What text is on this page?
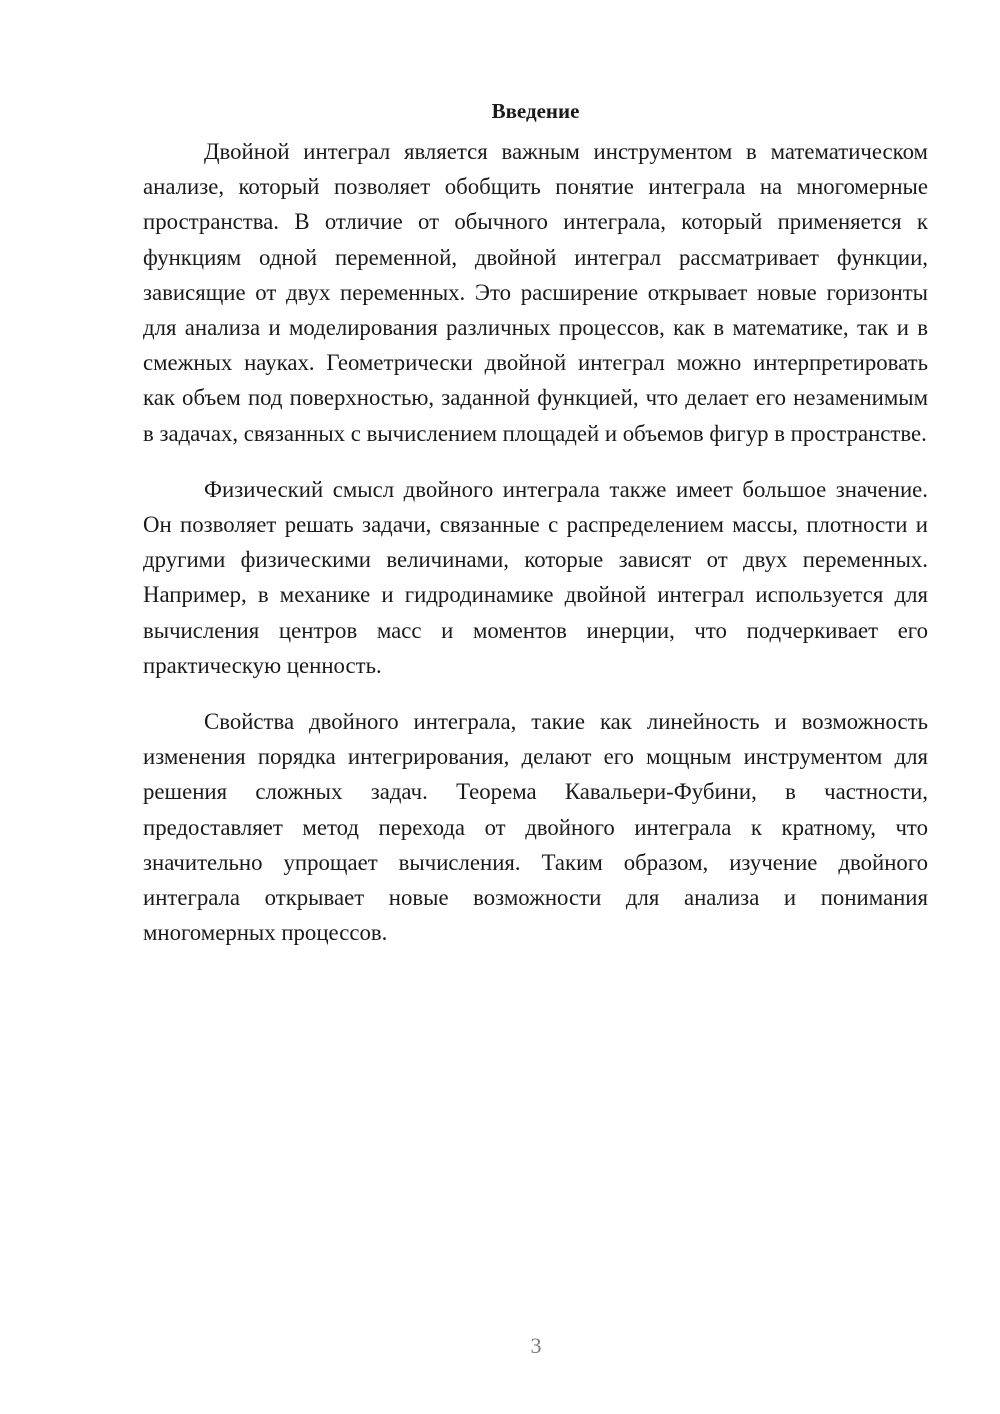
Введение

Двойной интеграл является важным инструментом в математическом анализе, который позволяет обобщить понятие интеграла на многомерные пространства. В отличие от обычного интеграла, который применяется к функциям одной переменной, двойной интеграл рассматривает функции, зависящие от двух переменных. Это расширение открывает новые горизонты для анализа и моделирования различных процессов, как в математике, так и в смежных науках. Геометрически двойной интеграл можно интерпретировать как объем под поверхностью, заданной функцией, что делает его незаменимым в задачах, связанных с вычислением площадей и объемов фигур в пространстве.

Физический смысл двойного интеграла также имеет большое значение. Он позволяет решать задачи, связанные с распределением массы, плотности и другими физическими величинами, которые зависят от двух переменных. Например, в механике и гидродинамике двойной интеграл используется для вычисления центров масс и моментов инерции, что подчеркивает его практическую ценность.

Свойства двойного интеграла, такие как линейность и возможность изменения порядка интегрирования, делают его мощным инструментом для решения сложных задач. Теорема Кавальери-Фубини, в частности, предоставляет метод перехода от двойного интеграла к кратному, что значительно упрощает вычисления. Таким образом, изучение двойного интеграла открывает новые возможности для анализа и понимания многомерных процессов.

3
